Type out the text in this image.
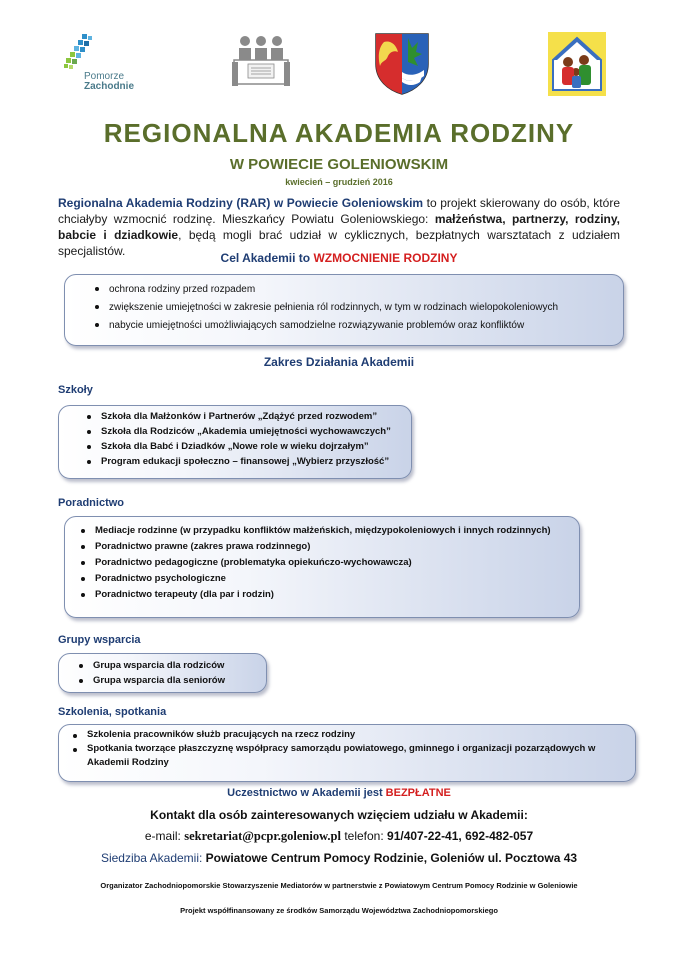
Pomorze
Zachodnie
REGIONALNA AKADEMIA RODZINY
W POWIECIE GOLENIOWSKIM

kwiecień – grudzień 2016

Regionalna Akademia Rodziny (RAR) w Powiecie Goleniowskim to projekt skierowany do osób, które chciałyby wzmocnić rodzinę. Mieszkańcy Powiatu Goleniowskiego: małżeństwa, partnerzy, rodziny, babcie i dziadkowie, będą mogli brać udział w cyklicznych, bezpłatnych warsztatach z udziałem specjalistów.	Cel Akademii to WZMOCNIENIE RODZINY

ochrona rodziny przed rozpadem
zwiększenie umiejętności w zakresie pełnienia ról rodzinnych, w tym w rodzinach wielopokoleniowych
nabycie umiejętności umożliwiających samodzielne rozwiązywanie problemów oraz konfliktów

Zakres Działania Akademii

Szkoły

Szkoła dla Małżonków i Partnerów „Zdążyć przed rozwodem”
Szkoła dla Rodziców „Akademia umiejętności wychowawczych”
Szkoła dla Babć i Dziadków „Nowe role w wieku dojrzałym”
Program edukacji społeczno – finansowej „Wybierz przyszłość”

Poradnictwo

Mediacje rodzinne (w przypadku konfliktów małżeńskich, międzypokoleniowych i innych rodzinnych)
Poradnictwo prawne (zakres prawa rodzinnego)
Poradnictwo pedagogiczne (problematyka opiekuńczo-wychowawcza)
Poradnictwo psychologiczne
Poradnictwo terapeuty (dla par i rodzin)

Grupy wsparcia

Grupa wsparcia dla rodziców
Grupa wsparcia dla seniorów

Szkolenia, spotkania

Szkolenia pracowników służb pracujących na rzecz rodziny
Spotkania tworzące płaszczyznę współpracy samorządu powiatowego, gminnego i organizacji pozarządowych w Akademii Rodziny

Uczestnictwo w Akademii jest BEZPŁATNE

Kontakt dla osób zainteresowanych wzięciem udziału w Akademii:

e-mail: sekretariat@pcpr.goleniow.pl telefon: 91/407-22-41, 692-482-057

Siedziba Akademii: Powiatowe Centrum Pomocy Rodzinie, Goleniów ul. Pocztowa 43

Organizator Zachodniopomorskie Stowarzyszenie Mediatorów w partnerstwie z Powiatowym Centrum Pomocy Rodzinie w Goleniowie

Projekt współfinansowany ze środków Samorządu Województwa Zachodniopomorskiego
